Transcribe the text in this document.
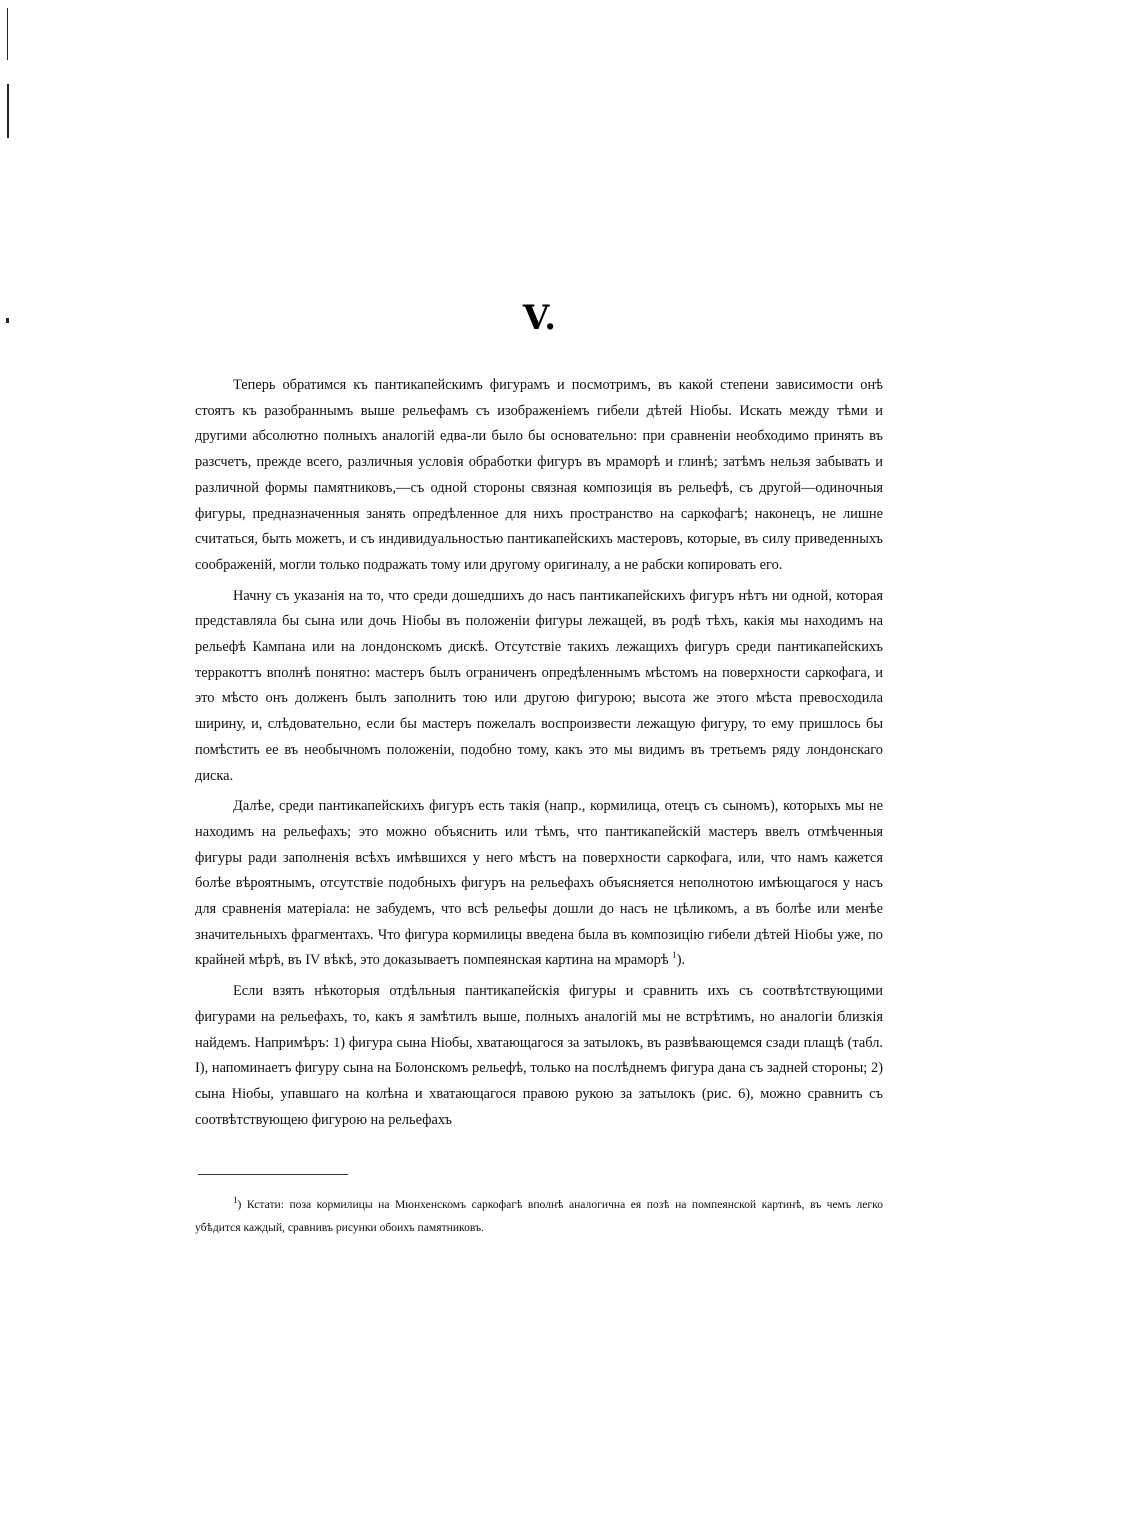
V.

Теперь обратимся къ пантикапейскимъ фигурамъ и посмотримъ, въ какой степени зависимости онѣ стоятъ къ разобраннымъ выше рельефамъ съ изображеніемъ гибели дѣтей Ніобы. Искать между тѣми и другими абсолютно полныхъ аналогій едва-ли было бы основательно: при сравненіи необходимо принять въ разсчетъ, прежде всего, различныя условія обработки фигуръ въ мраморѣ и глинѣ; затѣмъ нельзя забывать и различной формы памятниковъ,—съ одной стороны связная композиція въ рельефѣ, съ другой—одиночныя фигуры, предназначенныя занять опредѣленное для нихъ пространство на саркофагѣ; наконецъ, не лишне считаться, быть можетъ, и съ индивидуальностью пантикапейскихъ мастеровъ, которые, въ силу приведенныхъ соображеній, могли только подражать тому или другому оригиналу, а не рабски копировать его.

Начну съ указанія на то, что среди дошедшихъ до насъ пантикапейскихъ фигуръ нѣтъ ни одной, которая представляла бы сына или дочь Ніобы въ положеніи фигуры лежащей, въ родѣ тѣхъ, какія мы находимъ на рельефѣ Кампана или на лондонскомъ дискѣ. Отсутствіе такихъ лежащихъ фигуръ среди пантикапейскихъ терракоттъ вполнѣ понятно: мастеръ былъ ограниченъ опредѣленнымъ мѣстомъ на поверхности саркофага, и это мѣсто онъ долженъ былъ заполнить тою или другою фигурою; высота же этого мѣста превосходила ширину, и, слѣдовательно, если бы мастеръ пожелалъ воспроизвести лежащую фигуру, то ему пришлось бы помѣстить ее въ необычномъ положеніи, подобно тому, какъ это мы видимъ въ третьемъ ряду лондонскаго диска.

Далѣе, среди пантикапейскихъ фигуръ есть такія (напр., кормилица, отецъ съ сыномъ), которыхъ мы не находимъ на рельефахъ; это можно объяснить или тѣмъ, что пантикапейскій мастеръ ввелъ отмѣченныя фигуры ради заполненія всѣхъ имѣвшихся у него мѣстъ на поверхности саркофага, или, что намъ кажется болѣе вѣроятнымъ, отсутствіе подобныхъ фигуръ на рельефахъ объясняется неполнотою имѣющагося у насъ для сравненія матеріала: не забудемъ, что всѣ рельефы дошли до насъ не цѣликомъ, а въ болѣе или менѣе значительныхъ фрагментахъ. Что фигура кормилицы введена была въ композицію гибели дѣтей Ніобы уже, по крайней мѣрѣ, въ IV вѣкѣ, это доказываетъ помпеянская картина на мраморѣ $^1$).

Если взять нѣкоторыя отдѣльныя пантикапейскія фигуры и сравнить ихъ съ соотвѣтствующими фигурами на рельефахъ, то, какъ я замѣтилъ выше, полныхъ аналогій мы не встрѣтимъ, но аналогіи близкія найдемъ. Напримѣръ: 1) фигура сына Ніобы, хватающагося за затылокъ, въ развѣвающемся сзади плащѣ (табл. I), напоминаетъ фигуру сына на Болонскомъ рельефѣ, только на послѣднемъ фигура дана съ задней стороны; 2) сына Ніобы, упавшаго на колѣна и хватающагося правою рукою за затылокъ (рис. 6), можно сравнить съ соотвѣтствующею фигурою на рельефахъ

$^1$) Кстати: поза кормилицы на Мюнхенскомъ саркофагѣ вполнѣ аналогична ея позѣ на помпеянской картинѣ, въ чемъ легко убѣдится каждый, сравнивъ рисунки обоихъ памятниковъ.
